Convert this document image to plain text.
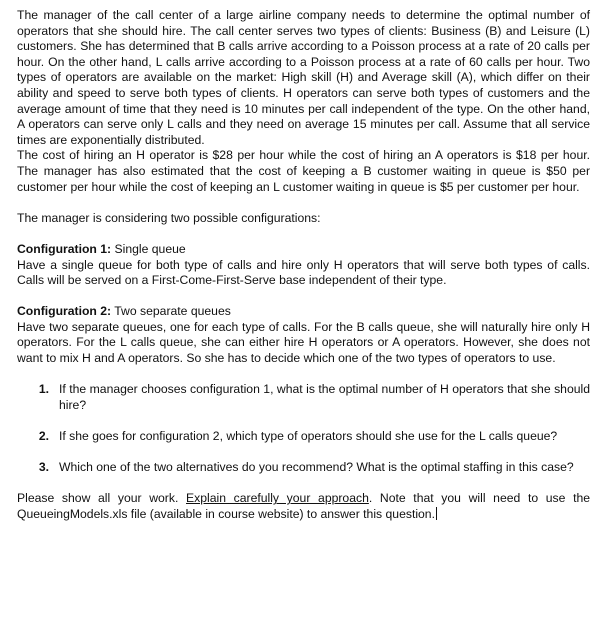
The manager of the call center of a large airline company needs to determine the optimal number of operators that she should hire. The call center serves two types of clients: Business (B) and Leisure (L) customers. She has determined that B calls arrive according to a Poisson process at a rate of 20 calls per hour. On the other hand, L calls arrive according to a Poisson process at a rate of 60 calls per hour. Two types of operators are available on the market: High skill (H) and Average skill (A), which differ on their ability and speed to serve both types of clients. H operators can serve both types of customers and the average amount of time that they need is 10 minutes per call independent of the type. On the other hand, A operators can serve only L calls and they need on average 15 minutes per call. Assume that all service times are exponentially distributed.

The cost of hiring an H operator is $28 per hour while the cost of hiring an A operators is $18 per hour. The manager has also estimated that the cost of keeping a B customer waiting in queue is $50 per customer per hour while the cost of keeping an L customer waiting in queue is $5 per customer per hour.

The manager is considering two possible configurations:

Configuration 1: Single queue

Have a single queue for both type of calls and hire only H operators that will serve both types of calls. Calls will be served on a First-Come-First-Serve base independent of their type.

Configuration 2: Two separate queues

Have two separate queues, one for each type of calls. For the B calls queue, she will naturally hire only H operators. For the L calls queue, she can either hire H operators or A operators. However, she does not want to mix H and A operators. So she has to decide which one of the two types of operators to use.

1. If the manager chooses configuration 1, what is the optimal number of H operators that she should hire?
2. If she goes for configuration 2, which type of operators should she use for the L calls queue?
3. Which one of the two alternatives do you recommend? What is the optimal staffing in this case?

Please show all your work. Explain carefully your approach. Note that you will need to use the QueueingModels.xls file (available in course website) to answer this question.
